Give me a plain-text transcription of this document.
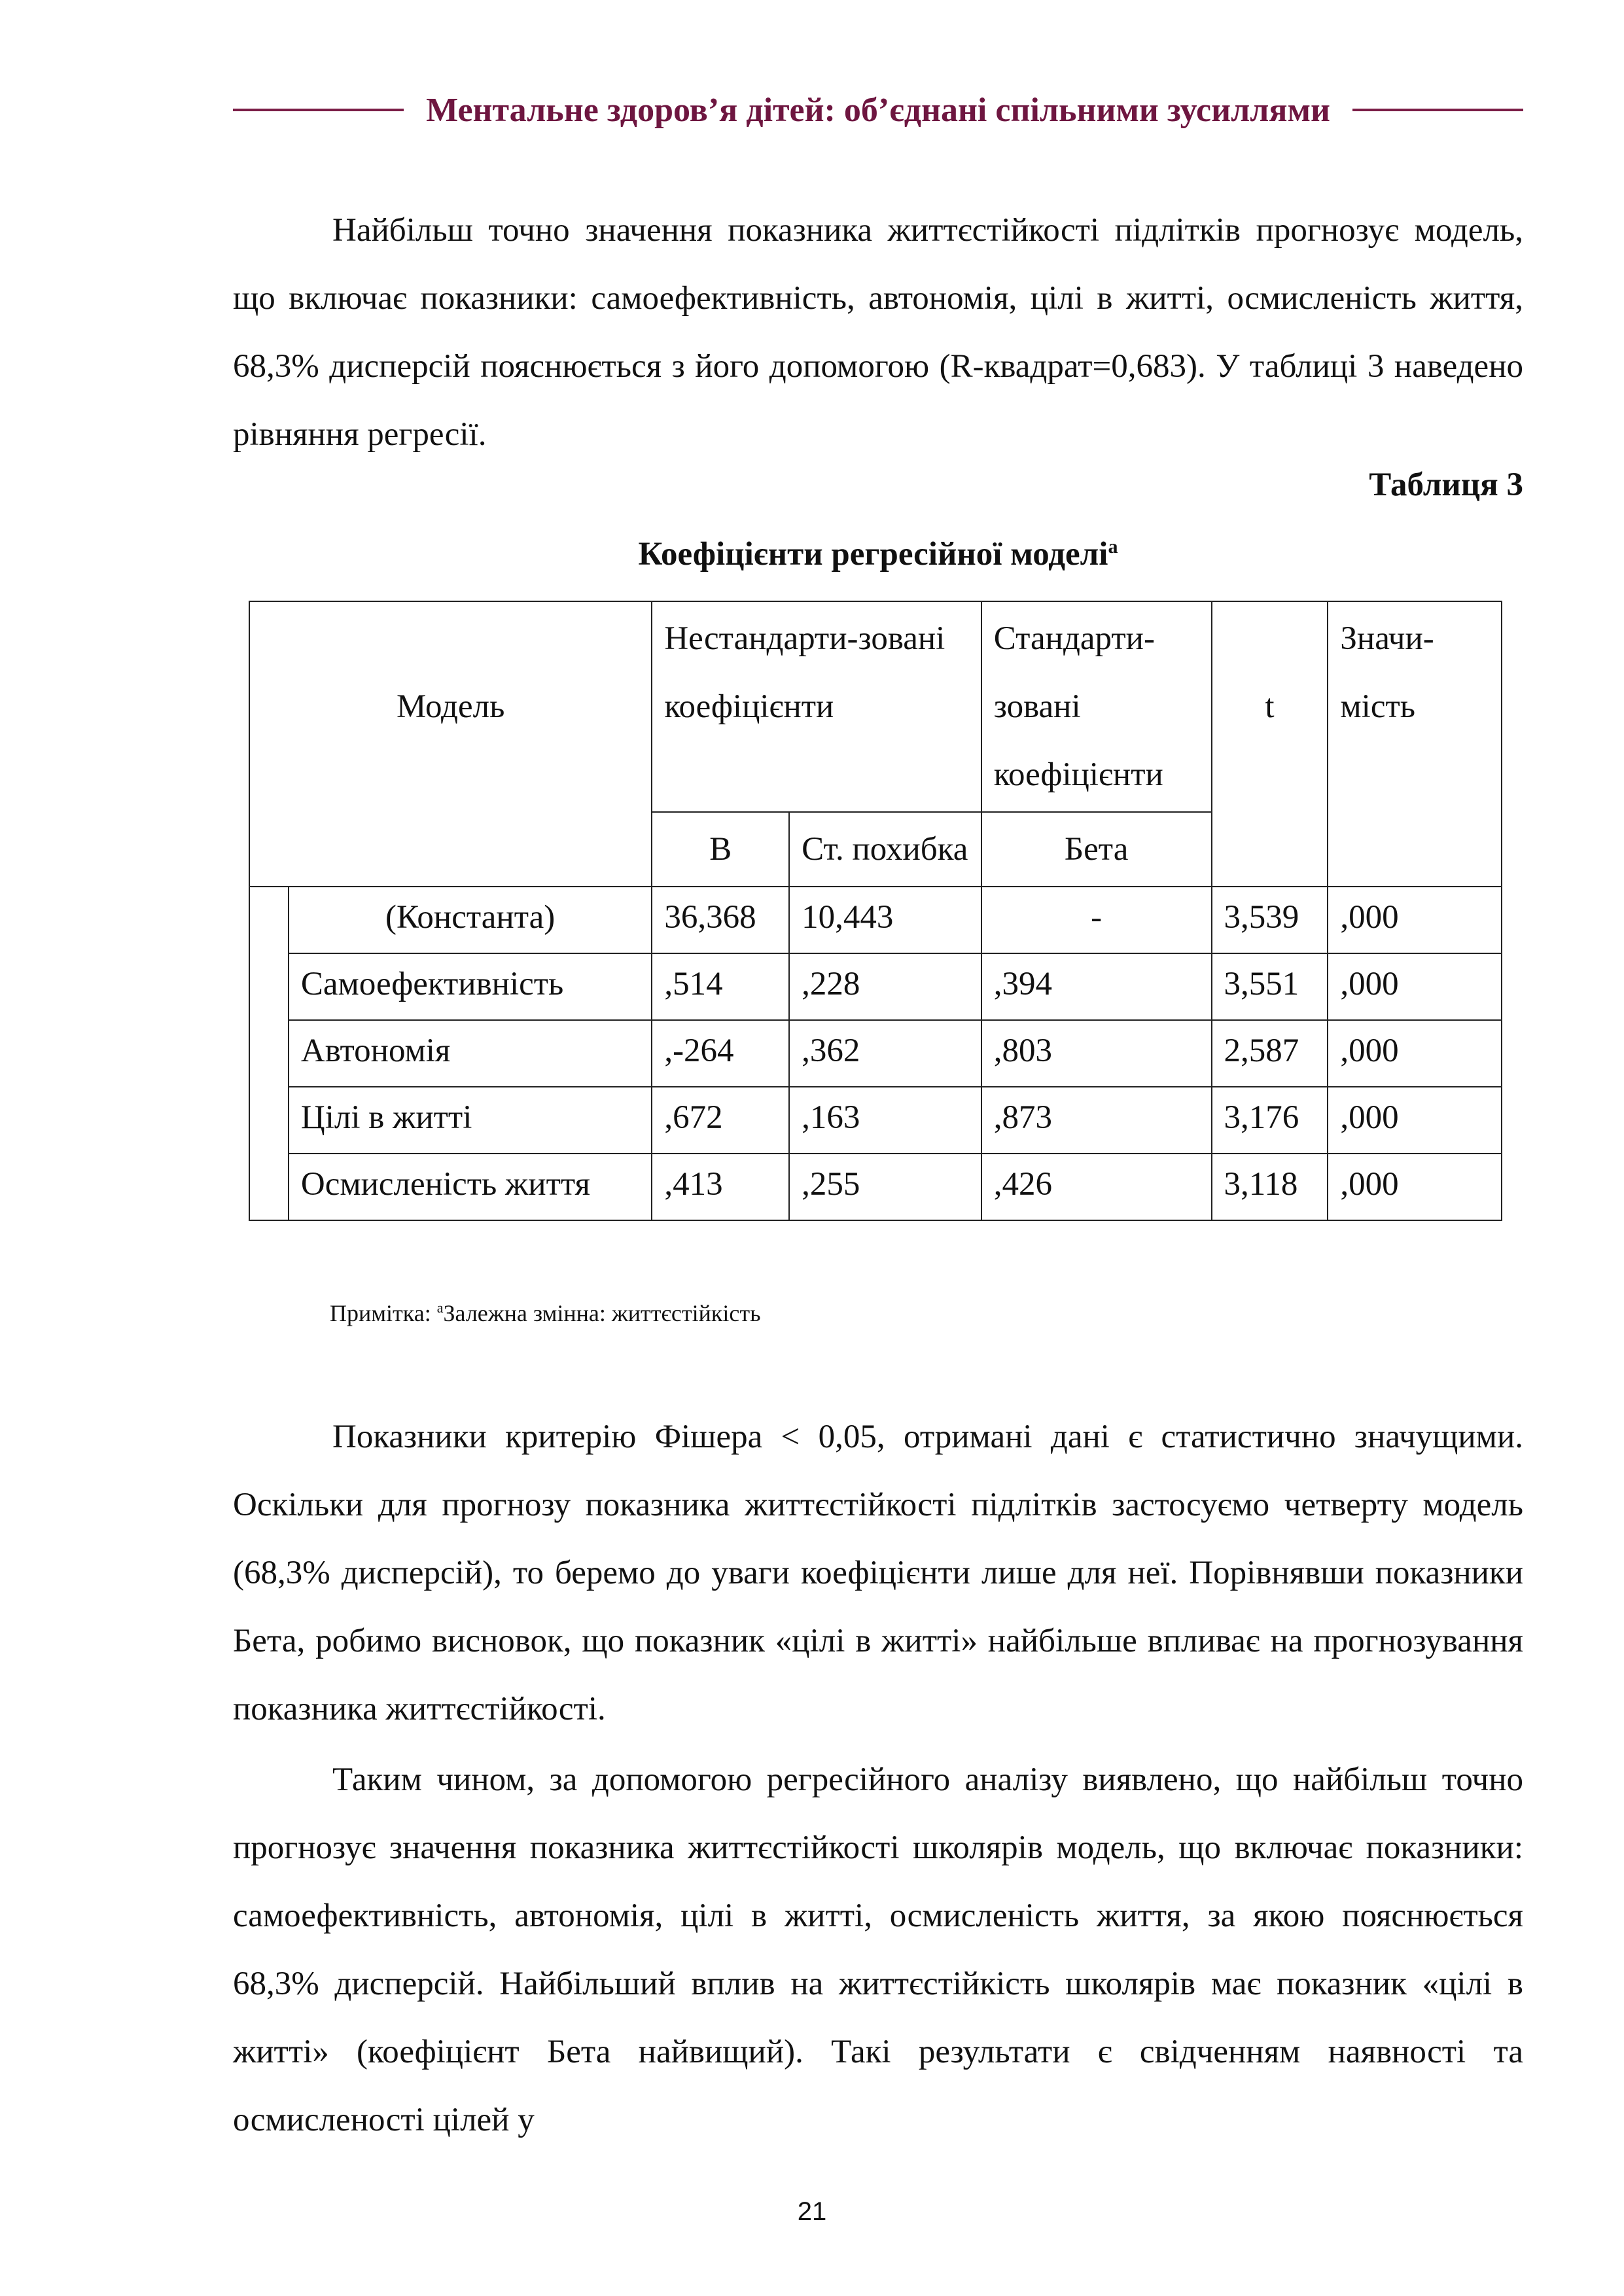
Ментальне здоров’я дітей: об’єднані спільними зусиллями

Найбільш точно значення показника життєстійкості підлітків прогнозує модель, що включає показники: самоефективність, автономія, цілі в житті, осмисленість життя, 68,3% дисперсій пояснюється з його допомогою (R-квадрат=0,683). У таблиці 3 наведено рівняння регресії.

Таблиця 3
Коефіцієнти регресійної моделі$^a$
Модель		Нестандарти-зовані коефіцієнти		Стандарти-зовані коефіцієнти	t	Значи-мість
		B	Ст. похибка	Бета		
	(Константа)	36,368	10,443	-	3,539	,000
	Самоефективність	,514	,228	,394	3,551	,000
	Автономія	,-264	,362	,803	2,587	,000
	Цілі в житті	,672	,163	,873	3,176	,000
	Осмисленість життя	,413	,255	,426	3,118	,000
Примітка: $^a$Залежна змінна: життєстійкість

Показники критерію Фішера < 0,05, отримані дані є статистично значущими. Оскільки для прогнозу показника життєстійкості підлітків застосуємо четверту модель (68,3% дисперсій), то беремо до уваги коефіцієнти лише для неї. Порівнявши показники Бета, робимо висновок, що показник «цілі в житті» найбільше впливає на прогнозування показника життєстійкості.

Таким чином, за допомогою регресійного аналізу виявлено, що найбільш точно прогнозує значення показника життєстійкості школярів модель, що включає показники: самоефективність, автономія, цілі в житті, осмисленість життя, за якою пояснюється 68,3% дисперсій. Найбільший вплив на життєстійкість школярів має показник «цілі в житті» (коефіцієнт Бета найвищий). Такі результати є свідченням наявності та осмисленості цілей у

21
